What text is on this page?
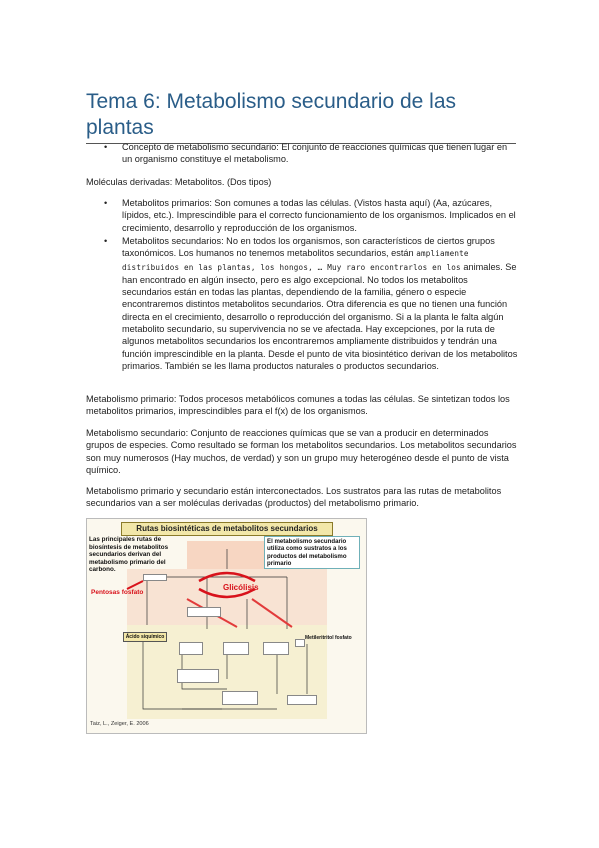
Tema 6: Metabolismo secundario de las plantas
• Concepto de metabolismo secundario: El conjunto de reacciones químicas que tienen lugar en un organismo constituye el metabolismo.

Moléculas derivadas: Metabolitos. (Dos tipos)

• Metabolitos primarios: Son comunes a todas las células. (Vistos hasta aquí) (Aa, azúcares, lípidos, etc.). Imprescindible para el correcto funcionamiento de los organismos. Implicados en el crecimiento, desarrollo y reproducción de los organismos.
• Metabolitos secundarios: No en todos los organismos, son característicos de ciertos grupos taxonómicos. Los humanos no tenemos metabolitos secundarios, están ampliamente distribuidos en las plantas, los hongos, … Muy raro encontrarlos en los animales. Se han encontrado en algún insecto, pero es algo excepcional. No todos los metabolitos secundarios están en todas las plantas, dependiendo de la familia, género o especie encontraremos distintos metabolitos secundarios. Otra diferencia es que no tienen una función directa en el crecimiento, desarrollo o reproducción del organismo. Si a la planta le falta algún metabolito secundario, su supervivencia no se ve afectada. Hay excepciones, por la ruta de algunos metabolitos secundarios los encontraremos ampliamente distribuidos y tendrán una función imprescindible en la planta. Desde el punto de vita biosintético derivan de los metabolitos primarios. También se les llama productos naturales o productos secundarios.

Metabolismo primario: Todos procesos metabólicos comunes a todas las células. Se sintetizan todos los metabolitos primarios, imprescindibles para el f(x) de los organismos.

Metabolismo secundario: Conjunto de reacciones químicas que se van a producir en determinados grupos de especies. Como resultado se forman los metabolitos secundarios. Los metabolitos secundarios son muy numerosos (Hay muchos, de verdad) y son un grupo muy heterogéneo desde el punto de vista químico.

Metabolismo primario y secundario están interconectados. Los sustratos para las rutas de metabolitos secundarios van a ser moléculas derivadas (productos) del metabolismo primario.

Rutas biosintéticas de metabolitos secundarios
Las principales rutas de biosíntesis de metabolitos secundarios derivan del metabolismo primario del carbono.
El metabolismo secundario utiliza como sustratos a los productos del metabolismo primario
Pentosas fosfato
Glicólisis
Ácido siquímico	Metileritritol fosfato
Taiz, L., Zeiger, E. 2006
